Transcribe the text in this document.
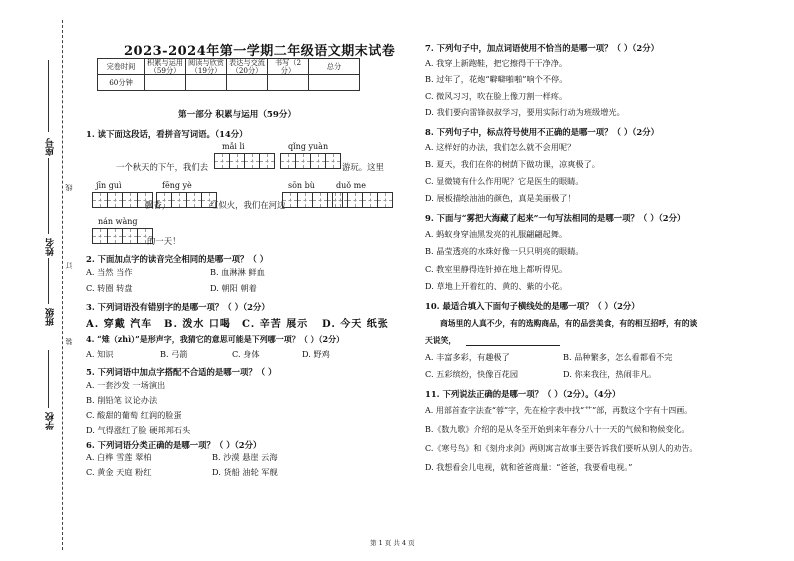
座号
线
姓名
订
班级
装
学校
2023-2024年第一学期二年级语文期末试卷
完卷时间	积累与运用（59分）	阅读与欣赏（19分）	表达与交流（20分）	书写（2分）	总分
60分钟					
第一部分 积累与运用（59分）
1. 读下面这段话，看拼音写词语。（14分）
mǎi li	qǐng yuàn
一个秋天的下午，我们去	游玩。这里
jīn guì	fēng yè	sōn bù	duǒ me
飘香，	红似火，我们在河边
nán wàng
的一天！
2. 下面加点字的读音完全相同的是哪一项？（ ）
A. 当然 当作	B. 血淋淋 鲜血
C. 转圈 转盘	D. 朝阳 朝着
3. 下列词语没有错别字的是哪一项？（ ）（2分）
A. 穿戴 汽车 B. 泼水 口喝 C. 辛苦 展示 D. 今天 纸张
4. “雉（zhì）”是形声字，我猜它的意思可能是下列哪一项？（ ）（2分）
A. 知识	B. 弓箭	C. 身体	D. 野鸡
5. 下列词语中加点字搭配不合适的是哪一项？（ ）
A. 一套沙发 一场演出
B. 削铅笔 议论办法
C. 酸甜的葡萄 红润的脸蛋
D. 气得涨红了脸 硬邦邦石头
6. 下列词语分类正确的是哪一项？（ ）（2分）
A. 白桦 雪莲 翠柏	B. 沙漠 悬崖 云海
C. 黄金 天庭 粉红	D. 货船 油轮 军舰
7. 下列句子中，加点词语使用不恰当的是哪一项？（ ）（2分）
A. 我穿上新跑鞋，把它擦得干干净净。
B. 过年了，花炮“噼噼啪啪”响个不停。
C. 微风习习，吹在脸上像刀割一样疼。
D. 我们要向雷锋叔叔学习，要用实际行动为班级增光。
8. 下列句子中，标点符号使用不正确的是哪一项？（ ）（2分）
A. 这样好的办法，我们怎么就不会用呢？
B. 夏天，我们在你的树荫下做功课，凉爽极了。
C. 显微镜有什么作用呢？它是医生的眼睛。
D. 展板描绘油油的颜色，真是美丽极了！
9. 下面与“雾把大海藏了起来”一句写法相同的是哪一项？（ ）（2分）
A. 蚂蚁身穿油黑发亮的礼服翩翩起舞。
B. 晶莹透亮的水珠好像一只只明亮的眼睛。
C. 教室里静得连针掉在地上都听得见。
D. 草地上开着红的、黄的、紫的小花。
10. 最适合填入下面句子横线处的是哪一项？（ ）（2分）
商场里的人真不少，有的选购商品，有的品尝美食，有的相互招呼，有的谈
天说笑，
A. 丰富多彩，有趣极了	B. 品种繁多，怎么看都看不完
C. 五彩缤纷，快像百花园	D. 你来我往，热闹非凡。
11. 下列说法正确的是哪一项？（ ）（2分）。（4分）
A. 用部首查字法查“蓉”字，先在检字表中找“艹”部，再数这个字有十四画。
B.《数九歌》介绍的是从冬至开始到来年春分八十一天的气候和物候变化。
C.《寒号鸟》和《刻舟求剑》两则寓言故事主要告诉我们要听从别人的劝告。
D. 我想看会儿电视，就和爸爸商量：“爸爸，我要看电视。”
第 1 页 共 4 页
